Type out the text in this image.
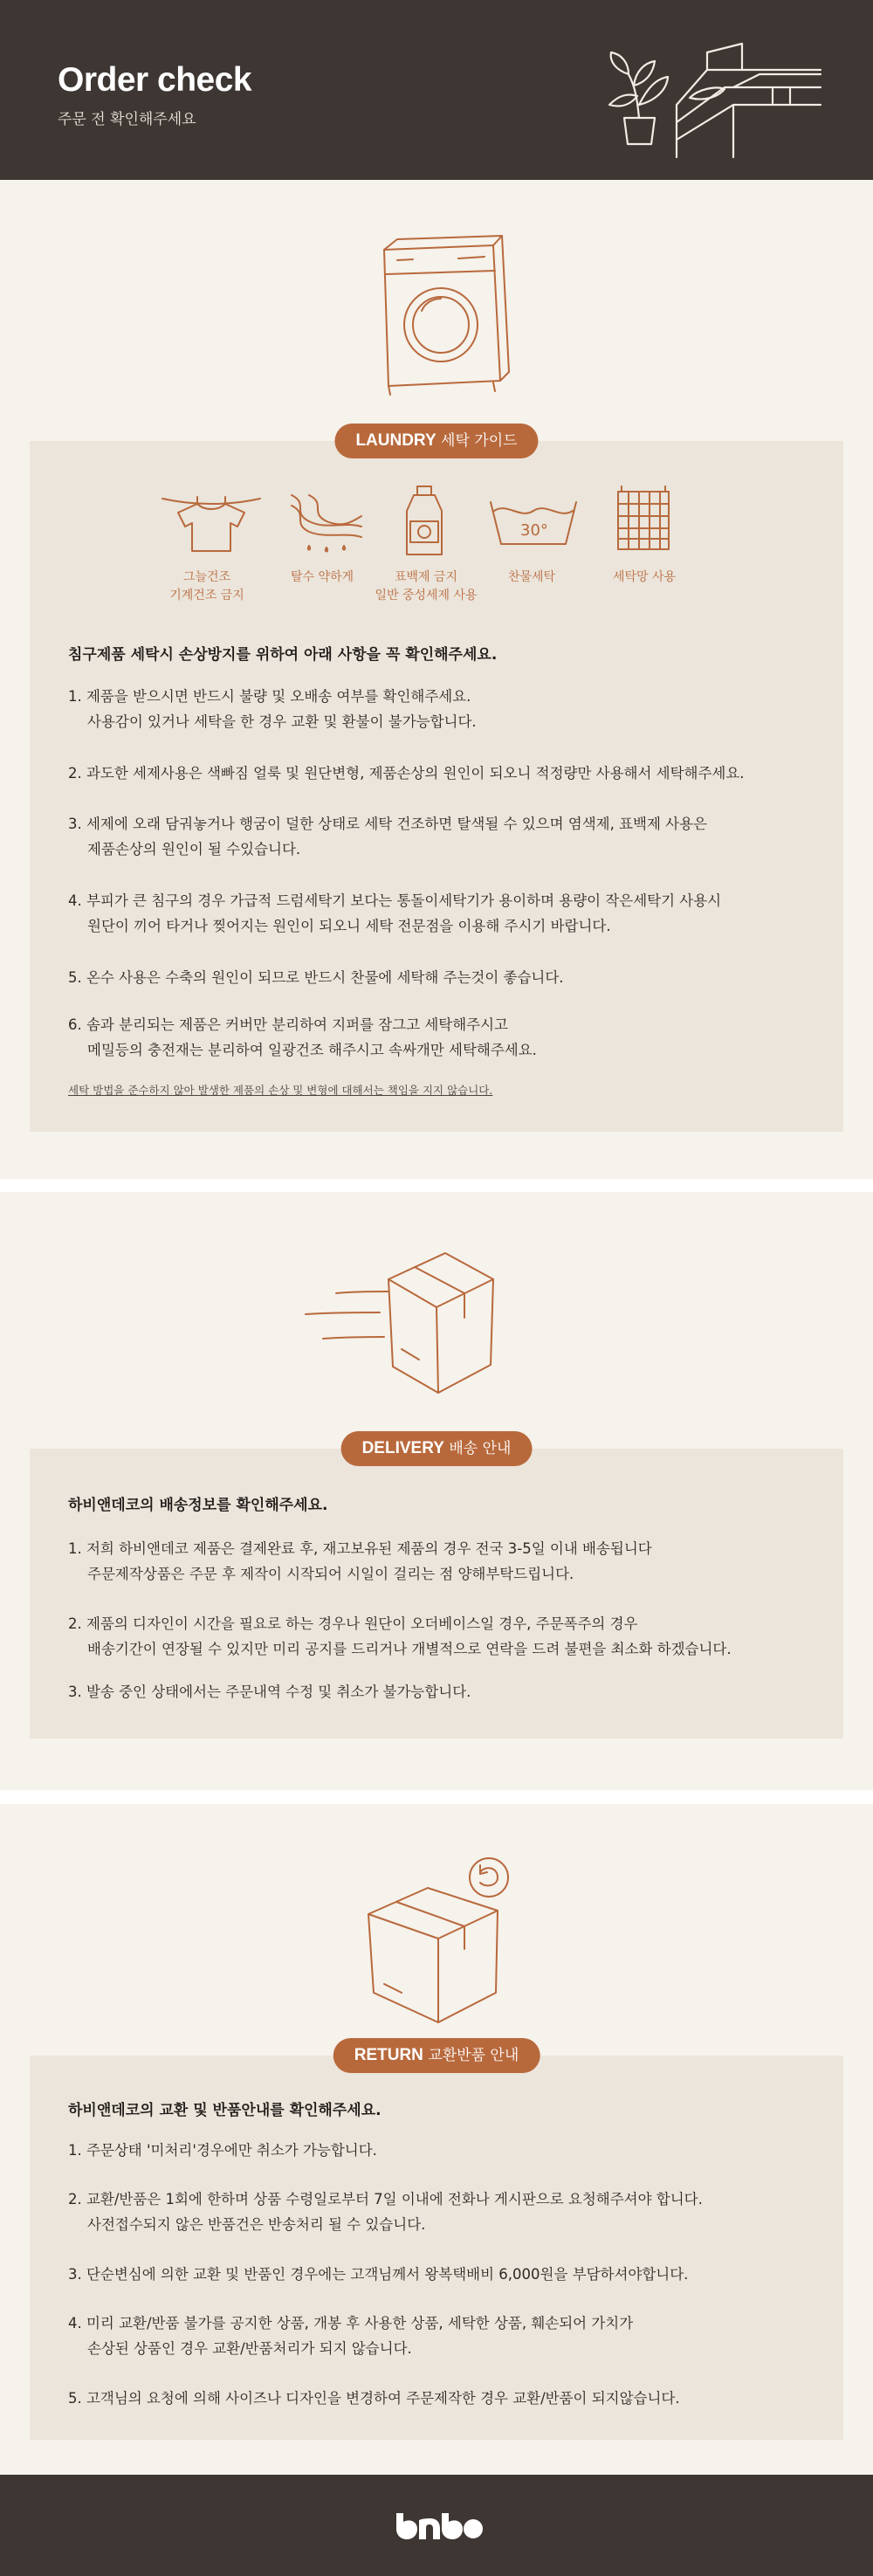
Order check
주문 전 확인해주세요
LAUNDRY 세탁 가이드
30°
그늘건조
기계건조 금지
탈수 약하게	표백제 금지
일반 중성세제 사용
찬물세탁	세탁망 사용
침구제품 세탁시 손상방지를 위하여 아래 사항을 꼭 확인해주세요.
1. 제품을 받으시면 반드시 불량 및 오배송 여부를 확인해주세요.
사용감이 있거나 세탁을 한 경우 교환 및 환불이 불가능합니다.
2. 과도한 세제사용은 색빠짐 얼룩 및 원단변형, 제품손상의 원인이 되오니 적정량만 사용해서 세탁해주세요.
3. 세제에 오래 담궈놓거나 행굼이 덜한 상태로 세탁 건조하면 탈색될 수 있으며 염색제, 표백제 사용은
제품손상의 원인이 될 수있습니다.
4. 부피가 큰 침구의 경우 가급적 드럼세탁기 보다는 통돌이세탁기가 용이하며 용량이 작은세탁기 사용시
원단이 끼어 타거나 찢어지는 원인이 되오니 세탁 전문점을 이용해 주시기 바랍니다.
5. 온수 사용은 수축의 원인이 되므로 반드시 찬물에 세탁해 주는것이 좋습니다.
6. 솜과 분리되는 제품은 커버만 분리하여 지퍼를 잠그고 세탁해주시고
메밀등의 충전재는 분리하여 일광건조 해주시고 속싸개만 세탁해주세요.
세탁 방법을 준수하지 않아 발생한 제품의 손상 및 변형에 대해서는 책임을 지지 않습니다.
DELIVERY 배송 안내
하비앤데코의 배송정보를 확인해주세요.
1. 저희 하비앤데코 제품은 결제완료 후, 재고보유된 제품의 경우 전국 3-5일 이내 배송됩니다
주문제작상품은 주문 후 제작이 시작되어 시일이 걸리는 점 양해부탁드립니다.
2. 제품의 디자인이 시간을 필요로 하는 경우나 원단이 오더베이스일 경우, 주문폭주의 경우
배송기간이 연장될 수 있지만 미리 공지를 드리거나 개별적으로 연락을 드려 불편을 최소화 하겠습니다.
3. 발송 중인 상태에서는 주문내역 수정 및 취소가 불가능합니다.
RETURN 교환반품 안내
하비앤데코의 교환 및 반품안내를 확인해주세요.
1. 주문상태 '미처리'경우에만 취소가 가능합니다.
2. 교환/반품은 1회에 한하며 상품 수령일로부터 7일 이내에 전화나 게시판으로 요청해주셔야 합니다.
사전접수되지 않은 반품건은 반송처리 될 수 있습니다.
3. 단순변심에 의한 교환 및 반품인 경우에는 고객님께서 왕복택배비 6,000원을 부담하셔야합니다.
4. 미리 교환/반품 불가를 공지한 상품, 개봉 후 사용한 상품, 세탁한 상품, 훼손되어 가치가
손상된 상품인 경우 교환/반품처리가 되지 않습니다.
5. 고객님의 요청에 의해 사이즈나 디자인을 변경하여 주문제작한 경우 교환/반품이 되지않습니다.
